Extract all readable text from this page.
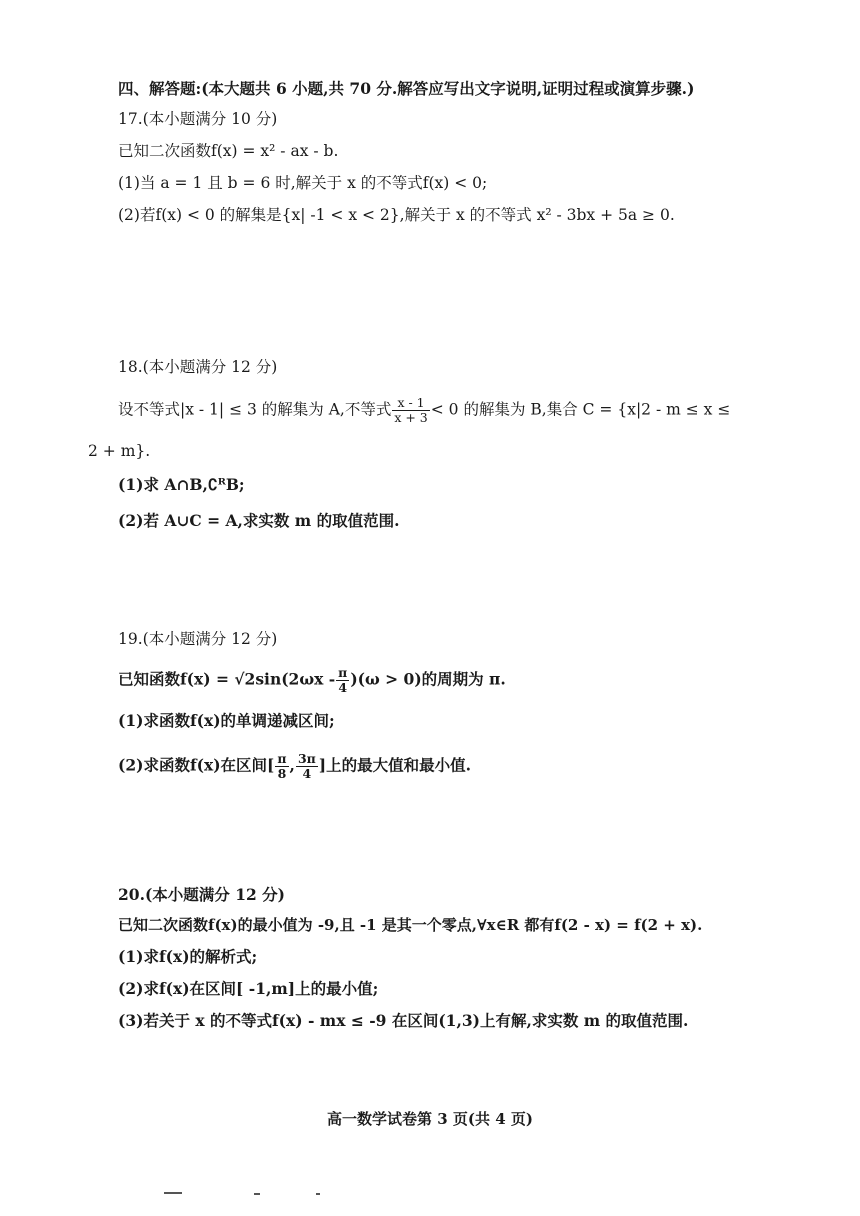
四、解答题:(本大题共 6 小题,共 70 分.解答应写出文字说明,证明过程或演算步骤.)
17.(本小题满分 10 分)
已知二次函数f(x) = x² - ax - b.
(1)当 a = 1 且 b = 6 时,解关于 x 的不等式f(x) < 0;
(2)若f(x) < 0 的解集是{x| -1 < x < 2},解关于 x 的不等式 x² - 3bx + 5a ≥ 0.
18.(本小题满分 12 分)
设不等式|x - 1| ≤ 3 的解集为 A,不等式 $\frac{x - 1}{x + 3} < 0$ 的解集为 B,集合 C = {x|2 - m ≤ x ≤
2 + m}.
(1)求 A∩B,∁ᴿB;
(2)若 A∪C = A,求实数 m 的取值范围.
19.(本小题满分 12 分)
已知函数$f(x) = √2\sin(2\omega x - \frac{\pi}{4} )(\omega > 0)$的周期为 π.
(1)求函数f(x)的单调递减区间;
(2)求函数f(x)在区间[ $\frac{\pi}{8}$ , $\frac{3\pi}{4}$ ]上的最大值和最小值.
20.(本小题满分 12 分)
已知二次函数f(x)的最小值为 -9,且 -1 是其一个零点,∀x∈R 都有f(2 - x) = f(2 + x).
(1)求f(x)的解析式;
(2)求f(x)在区间[ -1,m]上的最小值;
(3)若关于 x 的不等式f(x) - mx ≤ -9 在区间(1,3)上有解,求实数 m 的取值范围.
高一数学试卷第 3 页(共 4 页)
